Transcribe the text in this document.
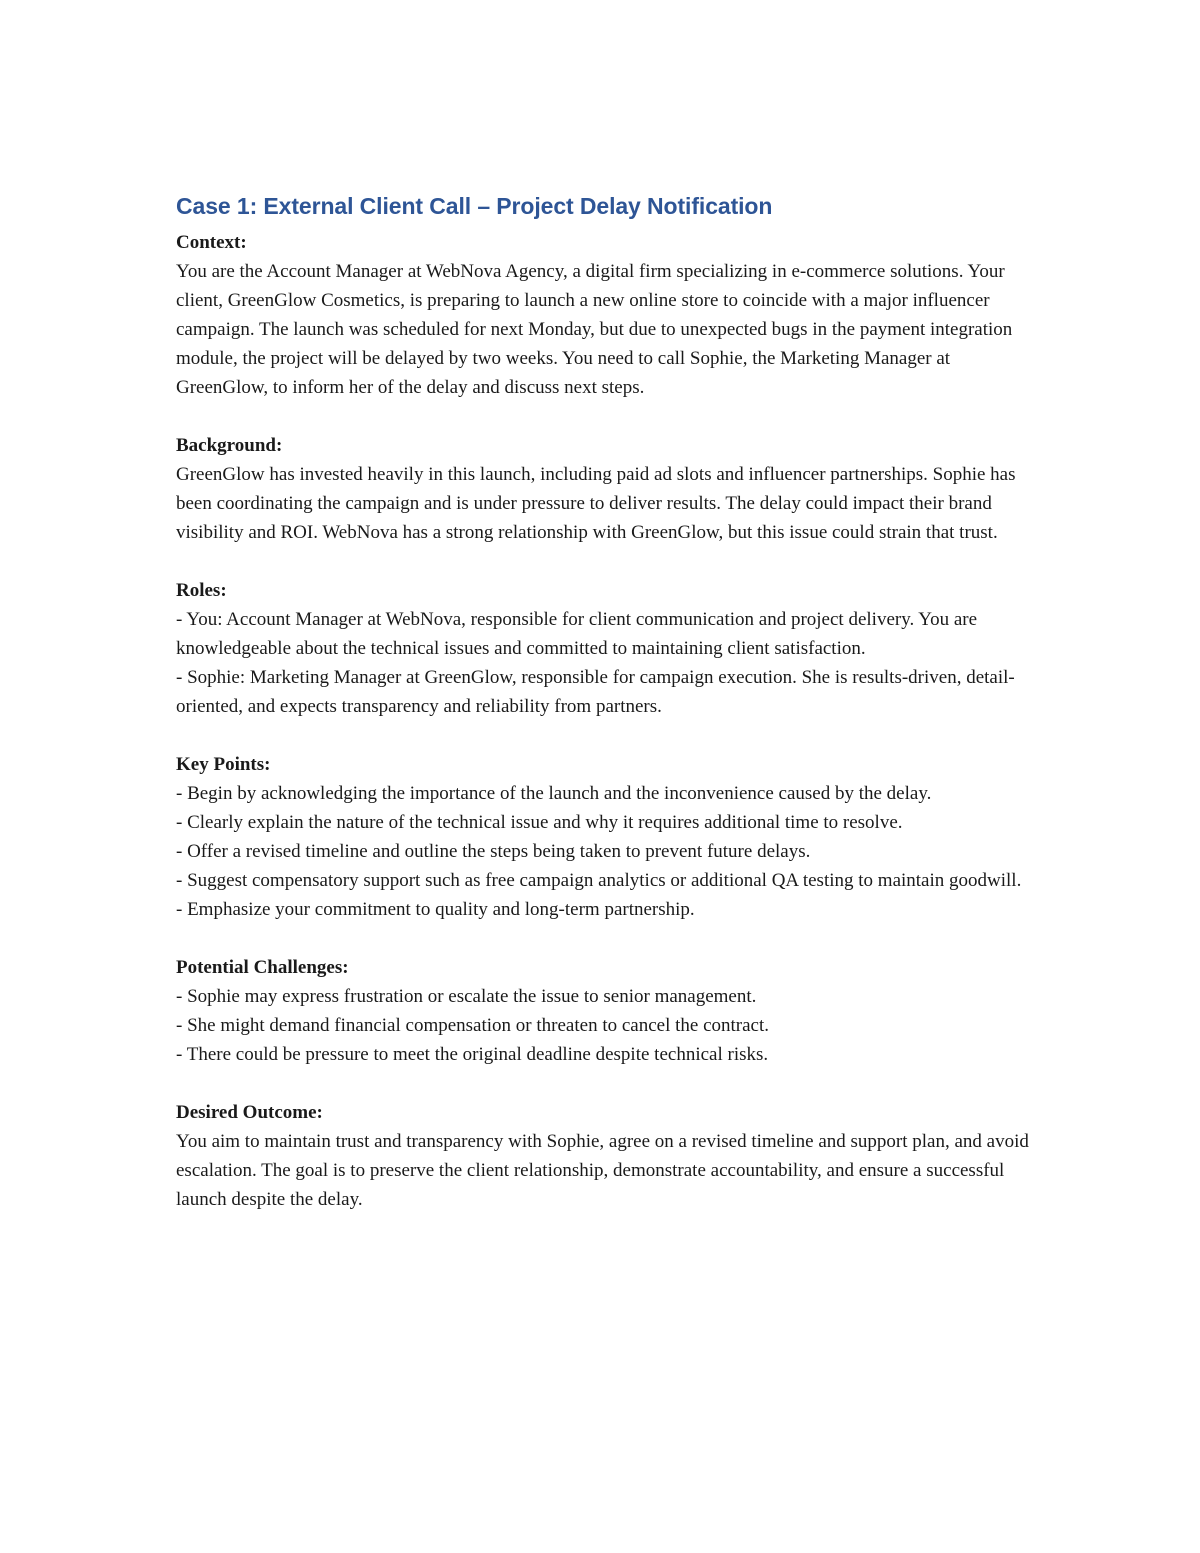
Case 1: External Client Call – Project Delay Notification

Context:

You are the Account Manager at WebNova Agency, a digital firm specializing in e-commerce solutions. Your client, GreenGlow Cosmetics, is preparing to launch a new online store to coincide with a major influencer campaign. The launch was scheduled for next Monday, but due to unexpected bugs in the payment integration module, the project will be delayed by two weeks. You need to call Sophie, the Marketing Manager at GreenGlow, to inform her of the delay and discuss next steps.

Background:

GreenGlow has invested heavily in this launch, including paid ad slots and influencer partnerships. Sophie has been coordinating the campaign and is under pressure to deliver results. The delay could impact their brand visibility and ROI. WebNova has a strong relationship with GreenGlow, but this issue could strain that trust.

Roles:

- You: Account Manager at WebNova, responsible for client communication and project delivery. You are knowledgeable about the technical issues and committed to maintaining client satisfaction.

- Sophie: Marketing Manager at GreenGlow, responsible for campaign execution. She is results-driven, detail-oriented, and expects transparency and reliability from partners.

Key Points:

- Begin by acknowledging the importance of the launch and the inconvenience caused by the delay.

- Clearly explain the nature of the technical issue and why it requires additional time to resolve.

- Offer a revised timeline and outline the steps being taken to prevent future delays.

- Suggest compensatory support such as free campaign analytics or additional QA testing to maintain goodwill.

- Emphasize your commitment to quality and long-term partnership.

Potential Challenges:

- Sophie may express frustration or escalate the issue to senior management.

- She might demand financial compensation or threaten to cancel the contract.

- There could be pressure to meet the original deadline despite technical risks.

Desired Outcome:

You aim to maintain trust and transparency with Sophie, agree on a revised timeline and support plan, and avoid escalation. The goal is to preserve the client relationship, demonstrate accountability, and ensure a successful launch despite the delay.
